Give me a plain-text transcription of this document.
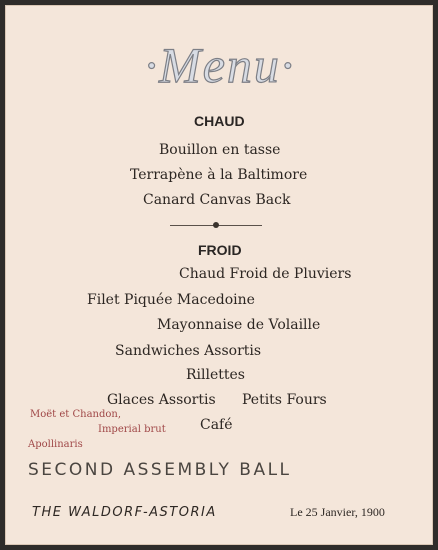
·Menu·
CHAUD
Bouillon en tasse
Terrapène à la Baltimore
Canard Canvas Back
FROID
Chaud Froid de Pluviers
Filet Piquée Macedoine
Mayonnaise de Volaille
Sandwiches Assortis
Rillettes
Glaces Assortis Petits Fours
Café
Moët et Chandon,
Imperial brut
Apollinaris
SECOND ASSEMBLY BALL
THE WALDORF-ASTORIA	Le 25 Janvier, 1900
